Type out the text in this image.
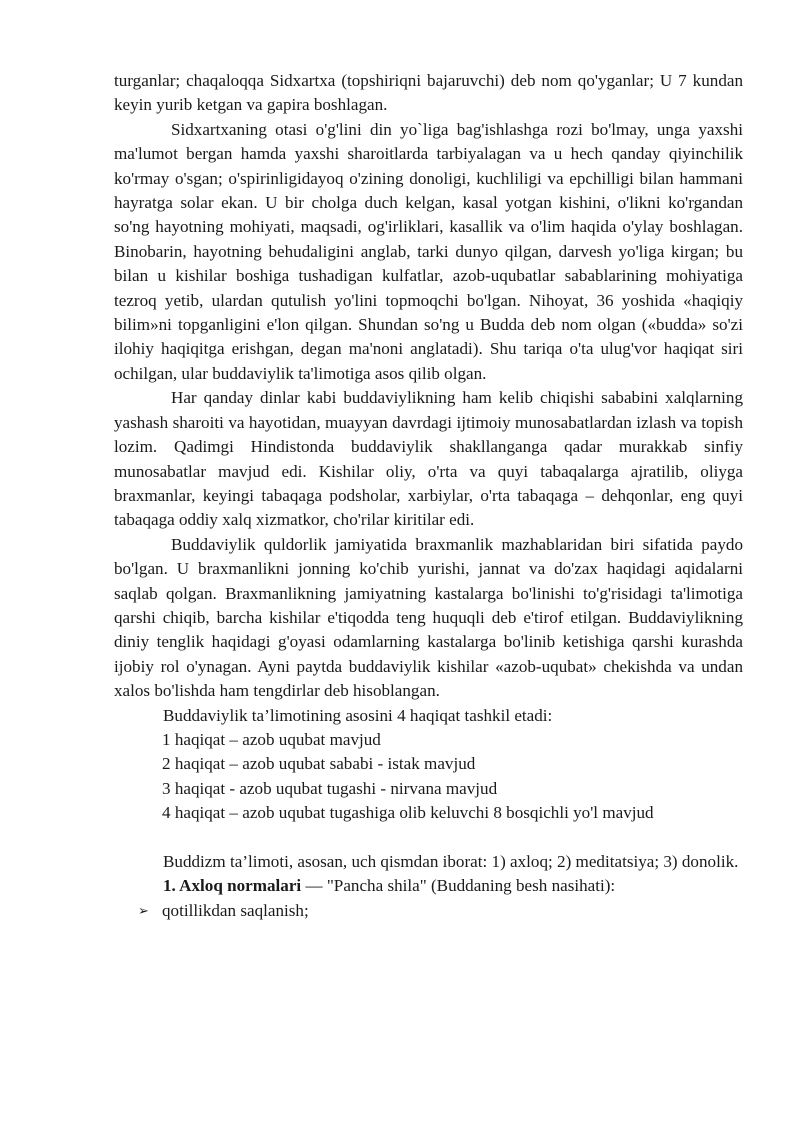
turganlar; chaqaloqqa Sidxartxa (topshiriqni bajaruvchi) deb nom qo'yganlar; U 7 kundan keyin yurib ketgan va gapira boshlagan.

Sidxartxaning otasi o'g'lini din yo`liga bag'ishlashga rozi bo'lmay, unga yaxshi ma'lumot bergan hamda yaxshi sharoitlarda tarbiyalagan va u hech qanday qiyinchilik ko'rmay o'sgan; o'spirinligidayoq o'zining donoligi, kuchliligi va epchilligi bilan hammani hayratga solar ekan. U bir cholga duch kelgan, kasal yotgan kishini, o'likni ko'rgandan so'ng hayotning mohiyati, maqsadi, og'irliklari, kasallik va o'lim haqida o'ylay boshlagan. Binobarin, hayotning behudaligini anglab, tarki dunyo qilgan, darvesh yo'liga kirgan; bu bilan u kishilar boshiga tushadigan kulfatlar, azob-uqubatlar sabablarining mohiyatiga tezroq yetib, ulardan qutulish yo'lini topmoqchi bo'lgan. Nihoyat, 36 yoshida «haqiqiy bilim»ni topganligini e'lon qilgan. Shundan so'ng u Budda deb nom olgan («budda» so'zi ilohiy haqiqitga erishgan, degan ma'noni anglatadi). Shu tariqa o'ta ulug'vor haqiqat siri ochilgan, ular buddaviylik ta'limotiga asos qilib olgan.

Har qanday dinlar kabi buddaviylikning ham kelib chiqishi sababini xalqlarning yashash sharoiti va hayotidan, muayyan davrdagi ijtimoiy munosabatlardan izlash va topish lozim. Qadimgi Hindistonda buddaviylik shakllanganga qadar murakkab sinfiy munosabatlar mavjud edi. Kishilar oliy, o'rta va quyi tabaqalarga ajratilib, oliyga braxmanlar, keyingi tabaqaga podsholar, xarbiylar, o'rta tabaqaga – dehqonlar, eng quyi tabaqaga oddiy xalq xizmatkor, cho'rilar kiritilar edi.

Buddaviylik quldorlik jamiyatida braxmanlik mazhablaridan biri sifatida paydo bo'lgan. U braxmanlikni jonning ko'chib yurishi, jannat va do'zax haqidagi aqidalarni saqlab qolgan. Braxmanlikning jamiyatning kastalarga bo'linishi to'g'risidagi ta'limotiga qarshi chiqib, barcha kishilar e'tiqodda teng huquqli deb e'tirof etilgan. Buddaviylikning diniy tenglik haqidagi g'oyasi odamlarning kastalarga bo'linib ketishiga qarshi kurashda ijobiy rol o'ynagan. Ayni paytda buddaviylik kishilar «azob-uqubat» chekishda va undan xalos bo'lishda ham tengdirlar deb hisoblangan.

Buddaviylik ta’limotining asosini 4 haqiqat tashkil etadi:

1 haqiqat – azob uqubat mavjud

2 haqiqat – azob uqubat sababi - istak mavjud

3 haqiqat - azob uqubat tugashi - nirvana mavjud

4 haqiqat – azob uqubat tugashiga olib keluvchi 8 bosqichli yo'l mavjud

Buddizm ta’limoti, asosan, uch qismdan iborat: 1) axloq; 2) meditatsiya; 3) donolik.

1. Axloq normalari — "Pancha shila" (Buddaning besh nasihati):

➢ qotillikdan saqlanish;
